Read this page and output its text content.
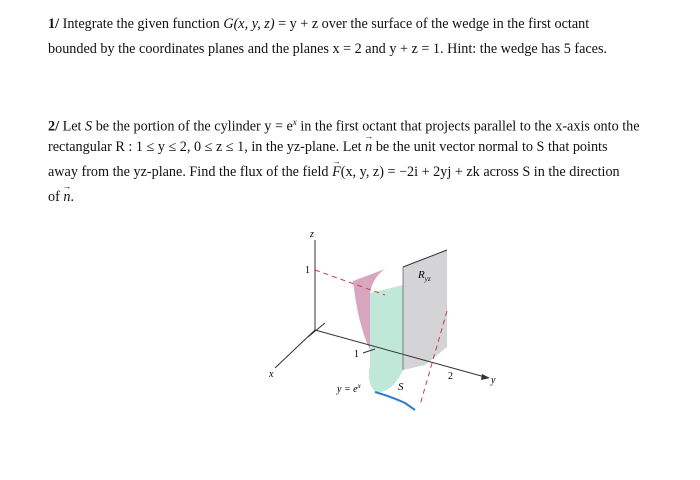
1/ Integrate the given function G(x, y, z) = y + z over the surface of the wedge in the first octant
bounded by the coordinates planes and the planes x = 2 and y + z = 1. Hint: the wedge has 5 faces.
2/ Let S be the portion of the cylinder $y = e^x$ in the first octant that projects parallel to the x-axis onto the
rectangular R : 1 ≤ y ≤ 2, 0 ≤ z ≤ 1, in the yz-plane. Let → n be the unit vector normal to S that points
away from the yz-plane. Find the flux of the field → F(x, y, z) = −2i + 2yj + zk across S in the direction
of → n.
z
x
y
1
1
2
$R_{yz}$
S
$y = e^x$
